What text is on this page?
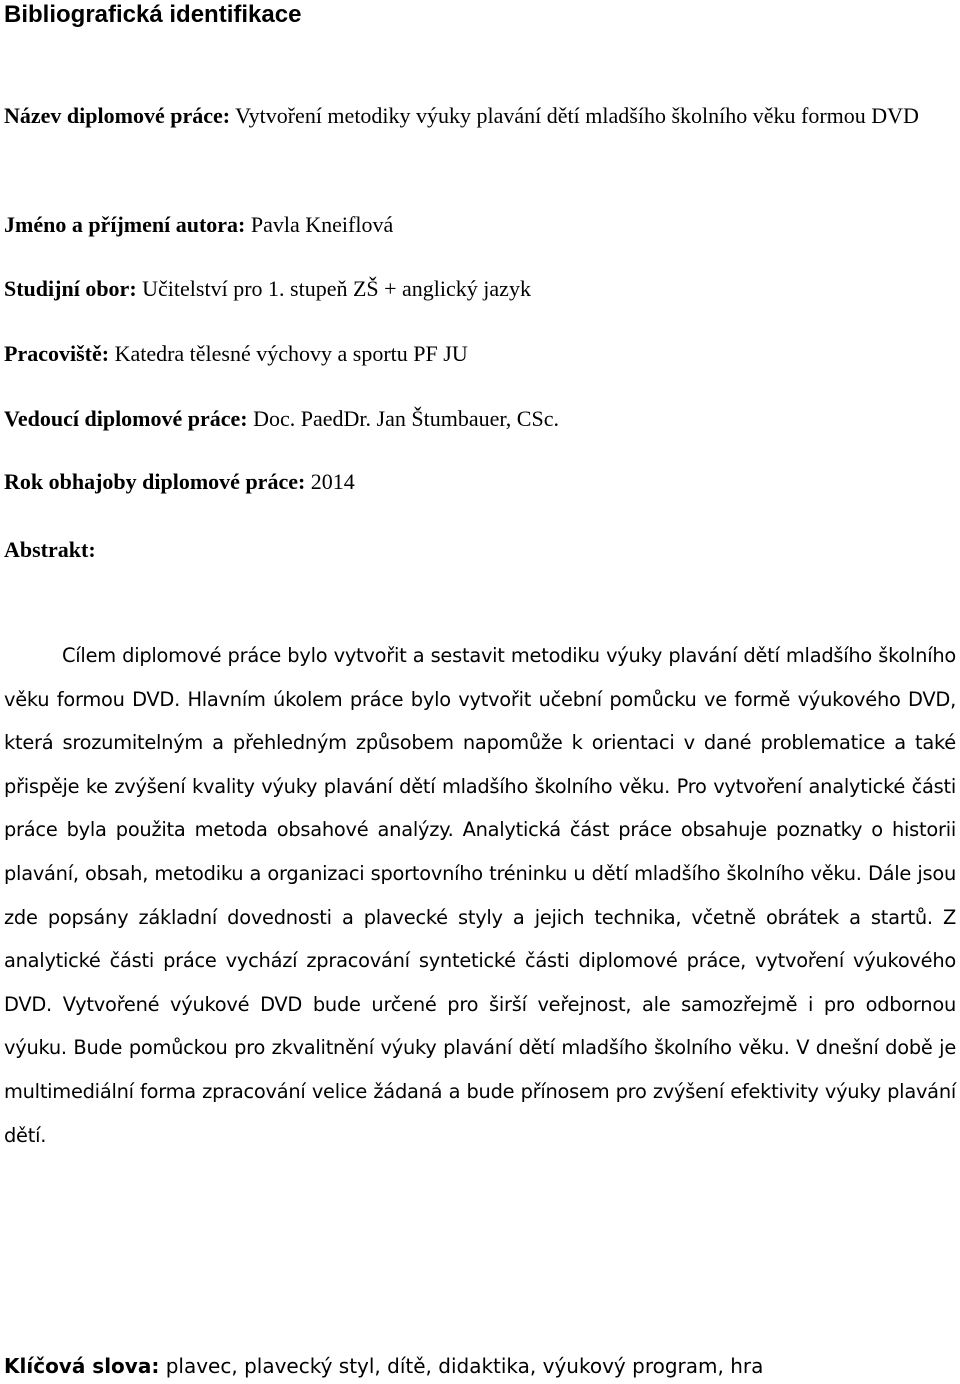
Bibliografická identifikace

Název diplomové práce: Vytvoření metodiky výuky plavání dětí mladšího školního věku formou DVD

Jméno a příjmení autora: Pavla Kneiflová

Studijní obor: Učitelství pro 1. stupeň ZŠ + anglický jazyk

Pracoviště: Katedra tělesné výchovy a sportu PF JU

Vedoucí diplomové práce: Doc. PaedDr. Jan Štumbauer, CSc.

Rok obhajoby diplomové práce: 2014

Abstrakt:

Cílem diplomové práce bylo vytvořit a sestavit metodiku výuky plavání dětí mladšího školního věku formou DVD. Hlavním úkolem práce bylo vytvořit učební pomůcku ve formě výukového DVD, která srozumitelným a přehledným způsobem napomůže k orientaci v dané problematice a také přispěje ke zvýšení kvality výuky plavání dětí mladšího školního věku. Pro vytvoření analytické části práce byla použita metoda obsahové analýzy. Analytická část práce obsahuje poznatky o historii plavání, obsah, metodiku a organizaci sportovního tréninku u dětí mladšího školního věku. Dále jsou zde popsány základní dovednosti a plavecké styly a jejich technika, včetně obrátek a startů. Z analytické části práce vychází zpracování syntetické části diplomové práce, vytvoření výukového DVD. Vytvořené výukové DVD bude určené pro širší veřejnost, ale samozřejmě i pro odbornou výuku. Bude pomůckou pro zkvalitnění výuky plavání dětí mladšího školního věku. V dnešní době je multimediální forma zpracování velice žádaná a bude přínosem pro zvýšení efektivity výuky plavání dětí.

Klíčová slova: plavec, plavecký styl, dítě, didaktika, výukový program, hra
